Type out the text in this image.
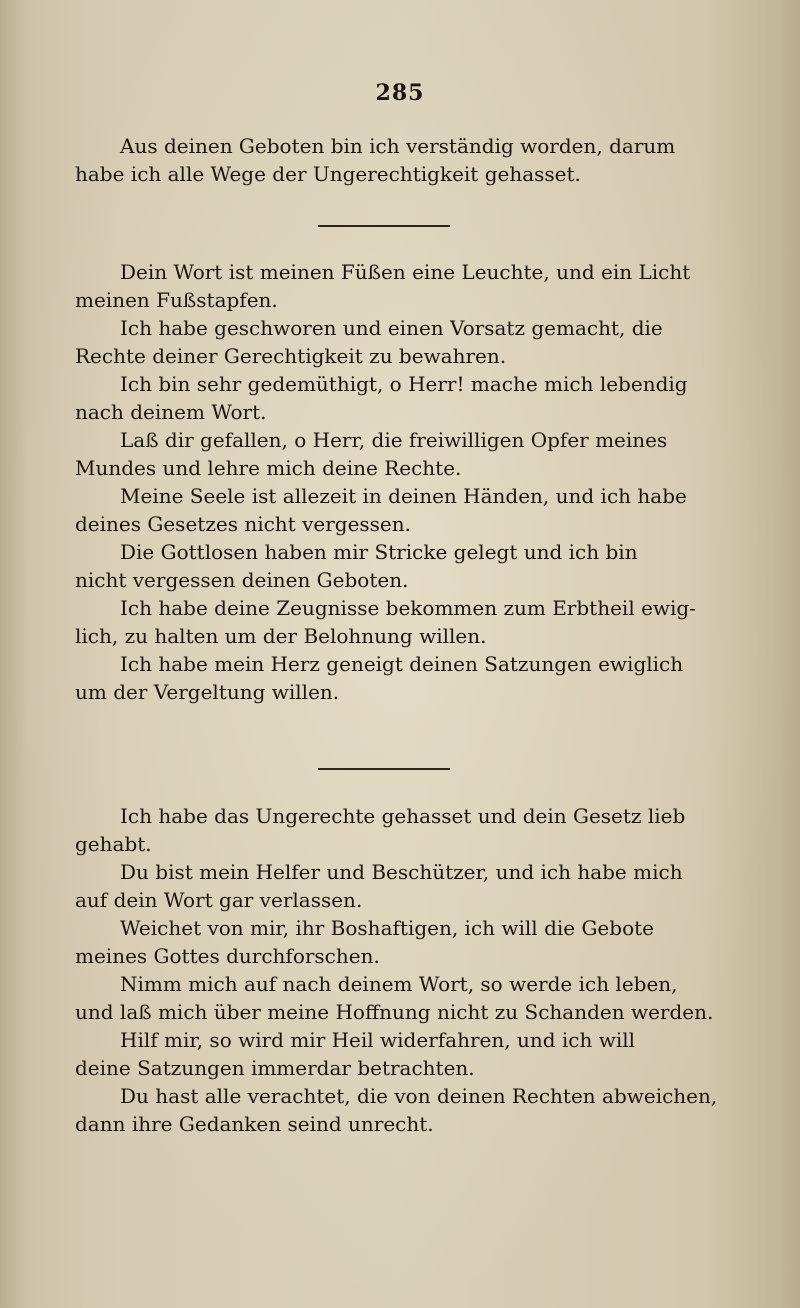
285
Aus deinen Geboten bin ich verständig worden, darum
habe ich alle Wege der Ungerechtigkeit gehasset.
Dein Wort ist meinen Füßen eine Leuchte, und ein Licht
meinen Fußstapfen.
Ich habe geschworen und einen Vorsatz gemacht, die
Rechte deiner Gerechtigkeit zu bewahren.
Ich bin sehr gedemüthigt, o Herr! mache mich lebendig
nach deinem Wort.
Laß dir gefallen, o Herr, die freiwilligen Opfer meines
Mundes und lehre mich deine Rechte.
Meine Seele ist allezeit in deinen Händen, und ich habe
deines Gesetzes nicht vergessen.
Die Gottlosen haben mir Stricke gelegt und ich bin
nicht vergessen deinen Geboten.
Ich habe deine Zeugnisse bekommen zum Erbtheil ewig-
lich, zu halten um der Belohnung willen.
Ich habe mein Herz geneigt deinen Satzungen ewiglich
um der Vergeltung willen.
Ich habe das Ungerechte gehasset und dein Gesetz lieb
gehabt.
Du bist mein Helfer und Beschützer, und ich habe mich
auf dein Wort gar verlassen.
Weichet von mir, ihr Boshaftigen, ich will die Gebote
meines Gottes durchforschen.
Nimm mich auf nach deinem Wort, so werde ich leben,
und laß mich über meine Hoffnung nicht zu Schanden werden.
Hilf mir, so wird mir Heil widerfahren, und ich will
deine Satzungen immerdar betrachten.
Du hast alle verachtet, die von deinen Rechten abweichen,
dann ihre Gedanken seind unrecht.
